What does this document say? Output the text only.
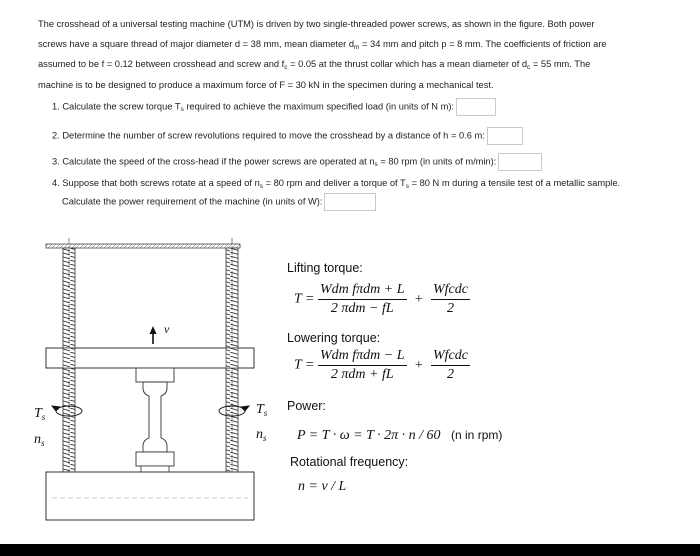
The crosshead of a universal testing machine (UTM) is driven by two single-threaded power screws, as shown in the figure. Both power

screws have a square thread of major diameter d = 38 mm, mean diameter $d_m = 34$ mm and pitch p = 8 mm. The coefficients of friction are

assumed to be f = 0.12 between crosshead and screw and $f_c = 0.05$ at the thrust collar which has a mean diameter of $d_c = 55$ mm. The

machine is to be designed to produce a maximum force of F = 30 kN in the specimen during a mechanical test.

1. Calculate the screw torque $T_s$ required to achieve the maximum specified load (in units of N m):
2. Determine the number of screw revolutions required to move the crosshead by a distance of h = 0.6 m:
3. Calculate the speed of the cross-head if the power screws are operated at $n_s = 80$ rpm (in units of m/min):
4. Suppose that both screws rotate at a speed of $n_s = 80$ rpm and deliver a torque of $T_s = 80$ N m during a tensile test of a metallic sample.
Calculate the power requirement of the machine (in units of W):
v
$T_s$
$n_s$
$T_s$
$n_s$
Lifting torque:
$T = \frac{\text{Wdm fπdm + L}}{\text{2 πdm − fL}} + \frac{\text{Wfcdc}}{2}$
Lowering torque:
$T = \frac{\text{Wdm fπdm − L}}{\text{2 πdm + fL}} + \frac{\text{Wfcdc}}{2}$
Power:
P = T · ω = T · 2π · n / 60 (n in rpm)
Rotational frequency:
n = v / L
